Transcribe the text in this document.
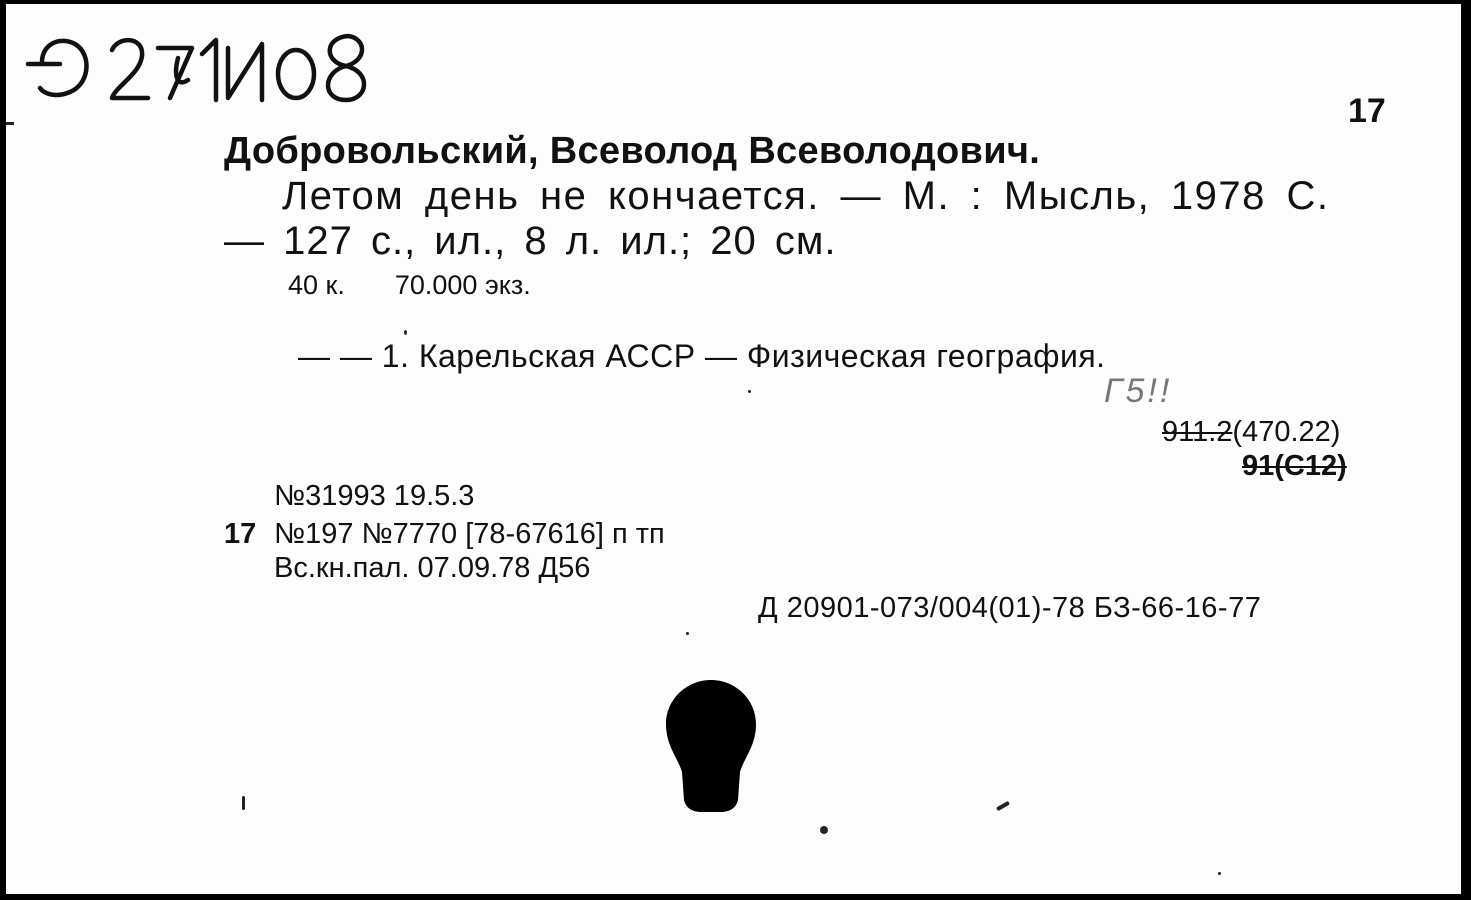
17
Добровольский, Всеволод Всеволодович.
Летом день не кончается. — М. : Мысль, 1978 С.
— 127 с., ил., 8 л. ил.; 20 см.
40 к. 70.000 экз.
— — 1. Карельская АССР — Физическая география.
Г5!!
911.2(470.22)
91(С12)
№31993 19.5.3
17 №197 №7770 [78-67616] п тп
Вс.кн.пал. 07.09.78 Д56
Д 20901-073/004(01)-78 БЗ-66-16-77
